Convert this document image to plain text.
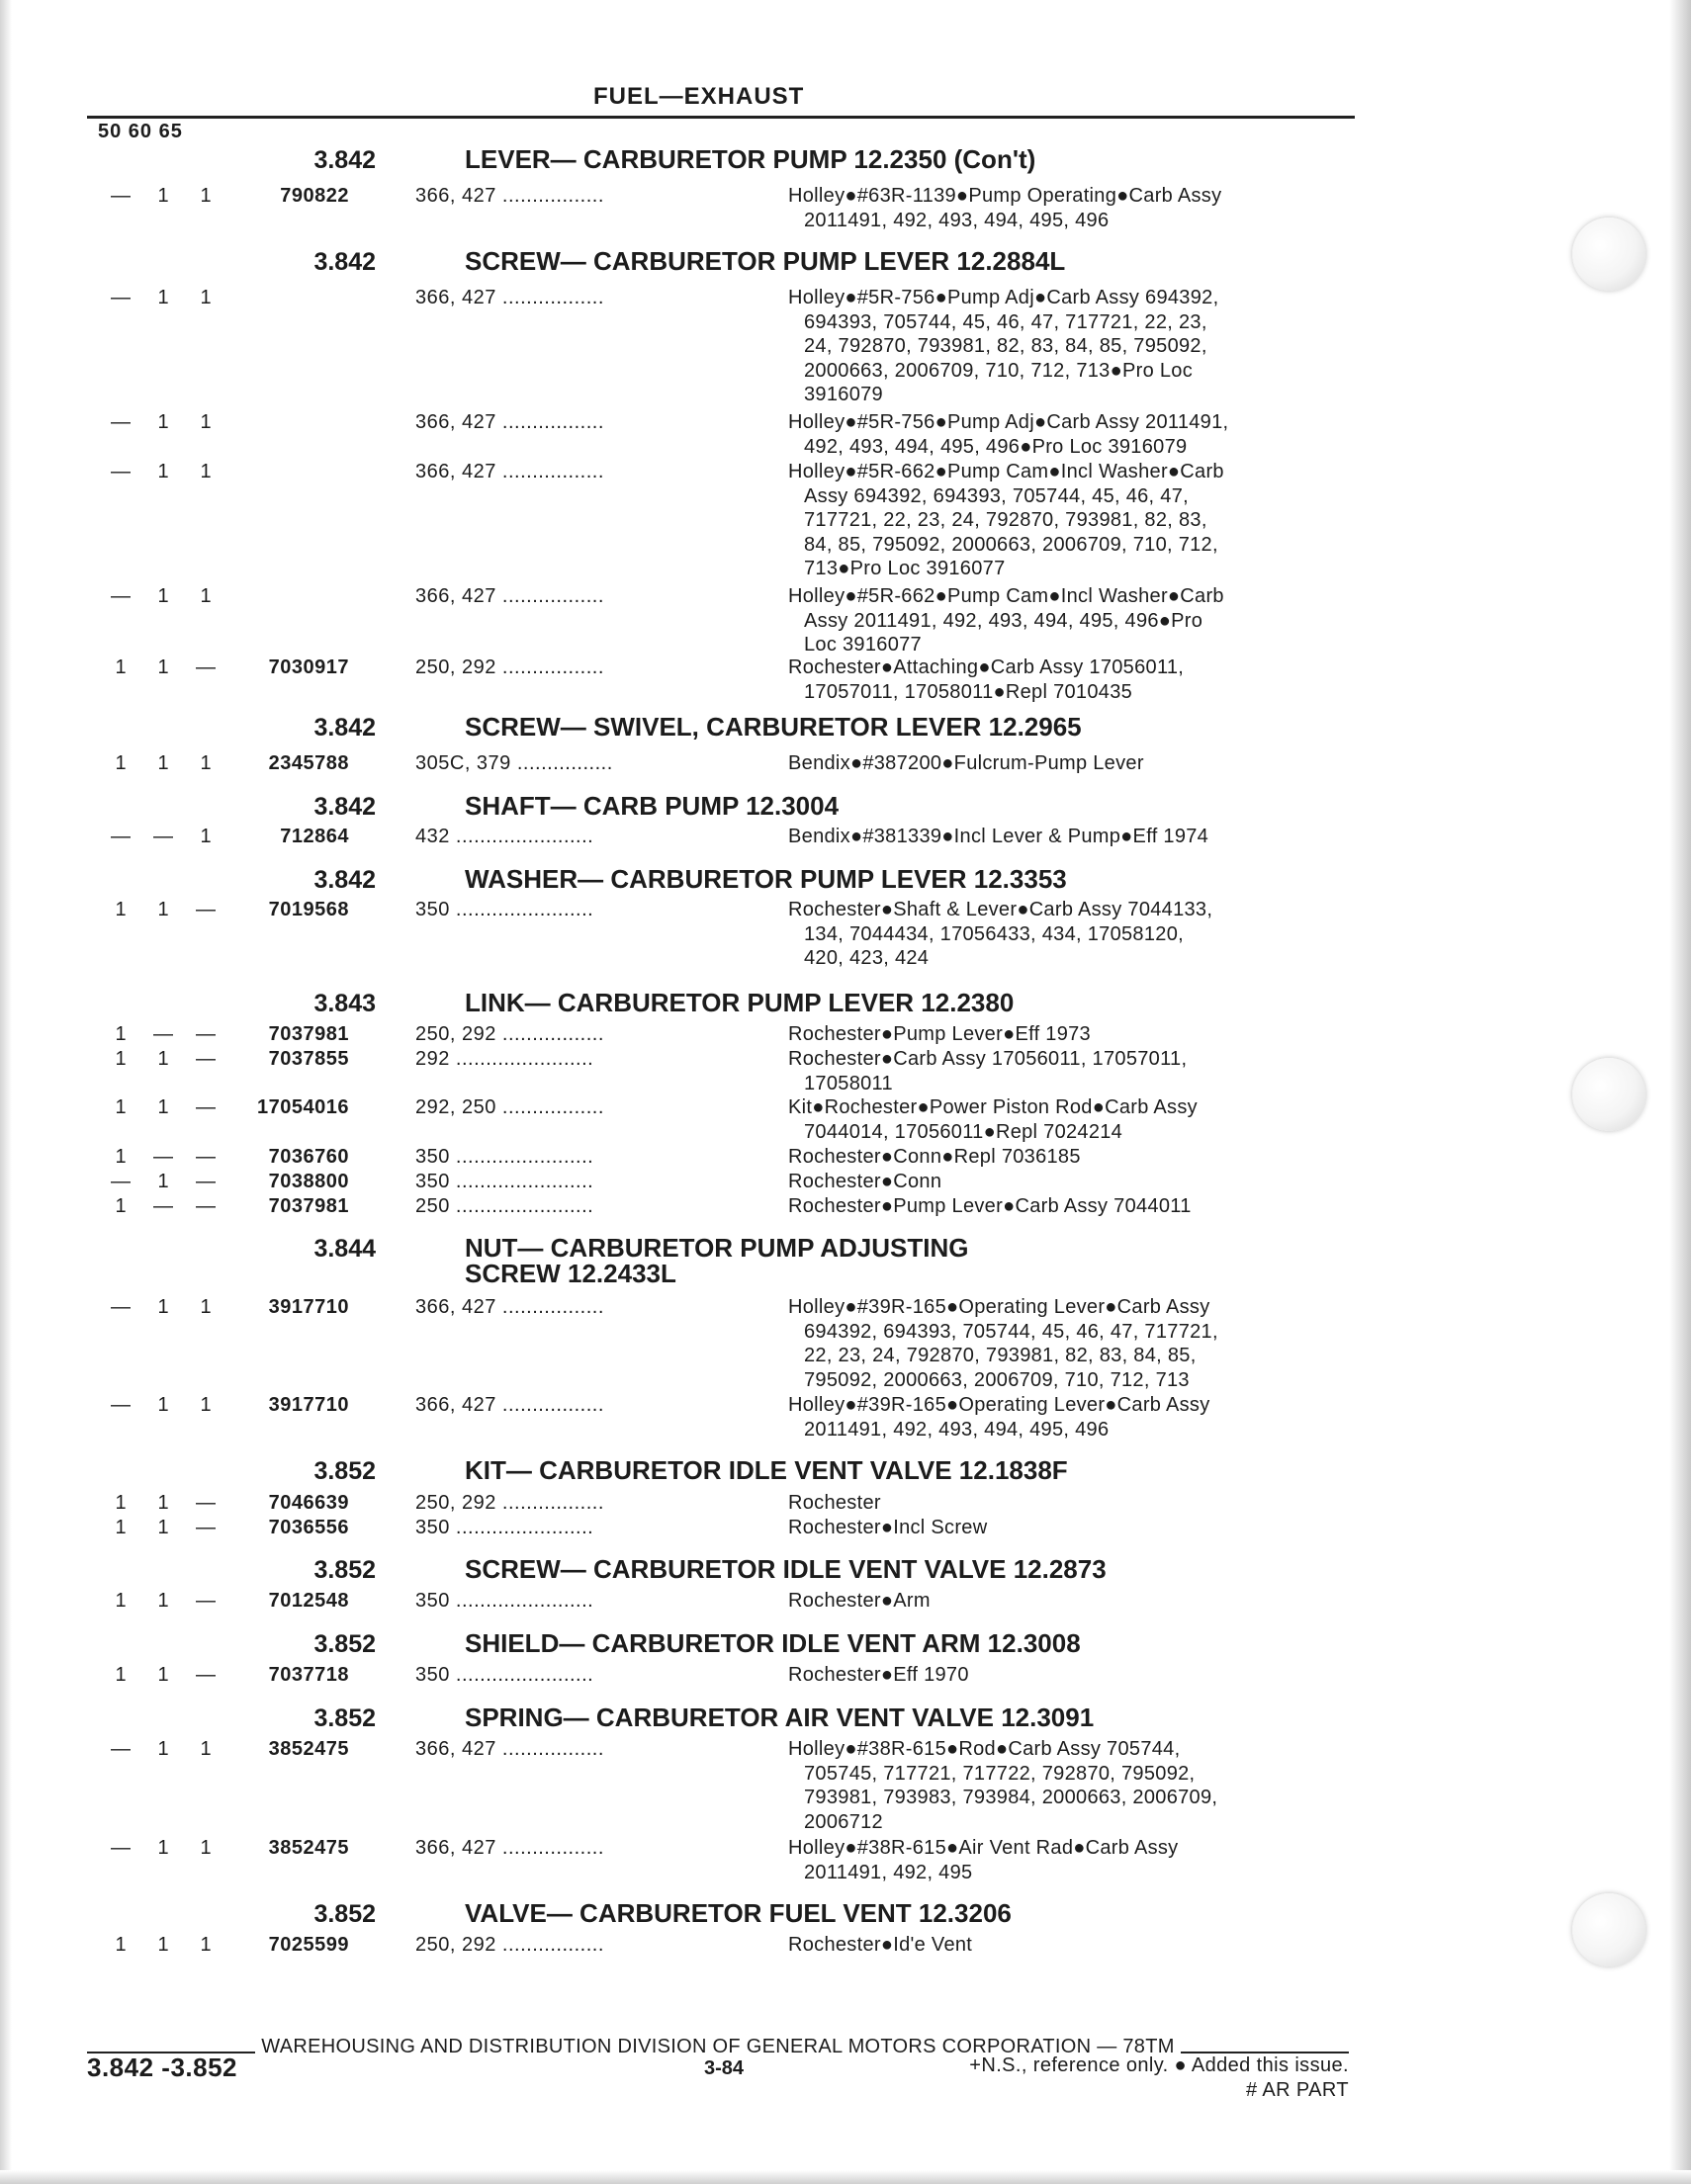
FUEL—EXHAUST
50 60 65
3.842	LEVER— CARBURETOR PUMP 12.2350 (Con't)
—	1	1	790822	366, 427 .................	Holley●#63R-1139●Pump Operating●Carb Assy
2011491, 492, 493, 494, 495, 496
3.842	SCREW— CARBURETOR PUMP LEVER 12.2884L
—	1	1	366, 427 .................	Holley●#5R-756●Pump Adj●Carb Assy 694392,
694393, 705744, 45, 46, 47, 717721, 22, 23,
24, 792870, 793981, 82, 83, 84, 85, 795092,
2000663, 2006709, 710, 712, 713●Pro Loc
3916079
—	1	1	366, 427 .................	Holley●#5R-756●Pump Adj●Carb Assy 2011491,
492, 493, 494, 495, 496●Pro Loc 3916079
—	1	1	366, 427 .................	Holley●#5R-662●Pump Cam●Incl Washer●Carb
Assy 694392, 694393, 705744, 45, 46, 47,
717721, 22, 23, 24, 792870, 793981, 82, 83,
84, 85, 795092, 2000663, 2006709, 710, 712,
713●Pro Loc 3916077
—	1	1	366, 427 .................	Holley●#5R-662●Pump Cam●Incl Washer●Carb
Assy 2011491, 492, 493, 494, 495, 496●Pro
Loc 3916077
1	1	—	7030917	250, 292 .................	Rochester●Attaching●Carb Assy 17056011,
17057011, 17058011●Repl 7010435
3.842	SCREW— SWIVEL, CARBURETOR LEVER 12.2965
1	1	1	2345788	305C, 379 ................	Bendix●#387200●Fulcrum-Pump Lever
3.842	SHAFT— CARB PUMP 12.3004
— —	1	712864	432 .......................	Bendix●#381339●Incl Lever & Pump●Eff 1974
3.842	WASHER— CARBURETOR PUMP LEVER 12.3353
1	1	—	7019568	350 .......................	Rochester●Shaft & Lever●Carb Assy 7044133,
134, 7044434, 17056433, 434, 17058120,
420, 423, 424
3.843	LINK— CARBURETOR PUMP LEVER 12.2380
1	— —	7037981	250, 292 .................	Rochester●Pump Lever●Eff 1973
1	1	—	7037855	292 .......................	Rochester●Carb Assy 17056011, 17057011,
17058011
1	1	— 17054016	292, 250 .................	Kit●Rochester●Power Piston Rod●Carb Assy
7044014, 17056011●Repl 7024214
1	— —	7036760	350 .......................	Rochester●Conn●Repl 7036185
—	1	—	7038800	350 .......................	Rochester●Conn
1	— —	7037981	250 .......................	Rochester●Pump Lever●Carb Assy 7044011
3.844	NUT— CARBURETOR PUMP ADJUSTING
SCREW 12.2433L
—	1	1	3917710	366, 427 .................	Holley●#39R-165●Operating Lever●Carb Assy
694392, 694393, 705744, 45, 46, 47, 717721,
22, 23, 24, 792870, 793981, 82, 83, 84, 85,
795092, 2000663, 2006709, 710, 712, 713
—	1	1	3917710	366, 427 .................	Holley●#39R-165●Operating Lever●Carb Assy
2011491, 492, 493, 494, 495, 496
3.852	KIT— CARBURETOR IDLE VENT VALVE 12.1838F
1	1	—	7046639	250, 292 .................	Rochester
1	1	—	7036556	350 .......................	Rochester●Incl Screw
3.852	SCREW— CARBURETOR IDLE VENT VALVE 12.2873
1	1	—	7012548	350 .......................	Rochester●Arm
3.852	SHIELD— CARBURETOR IDLE VENT ARM 12.3008
1	1	—	7037718	350 .......................	Rochester●Eff 1970
3.852	SPRING— CARBURETOR AIR VENT VALVE 12.3091
—	1	1	3852475	366, 427 .................	Holley●#38R-615●Rod●Carb Assy 705744,
705745, 717721, 717722, 792870, 795092,
793981, 793983, 793984, 2000663, 2006709,
2006712
—	1	1	3852475	366, 427 .................	Holley●#38R-615●Air Vent Rad●Carb Assy
2011491, 492, 495
3.852	VALVE— CARBURETOR FUEL VENT 12.3206
1	1	1	7025599	250, 292 .................	Rochester●Id'e Vent
WAREHOUSING AND DISTRIBUTION DIVISION OF GENERAL MOTORS CORPORATION — 78TM
3.842 -3.852	3-84	+N.S., reference only. ● Added this issue.
# AR PART
